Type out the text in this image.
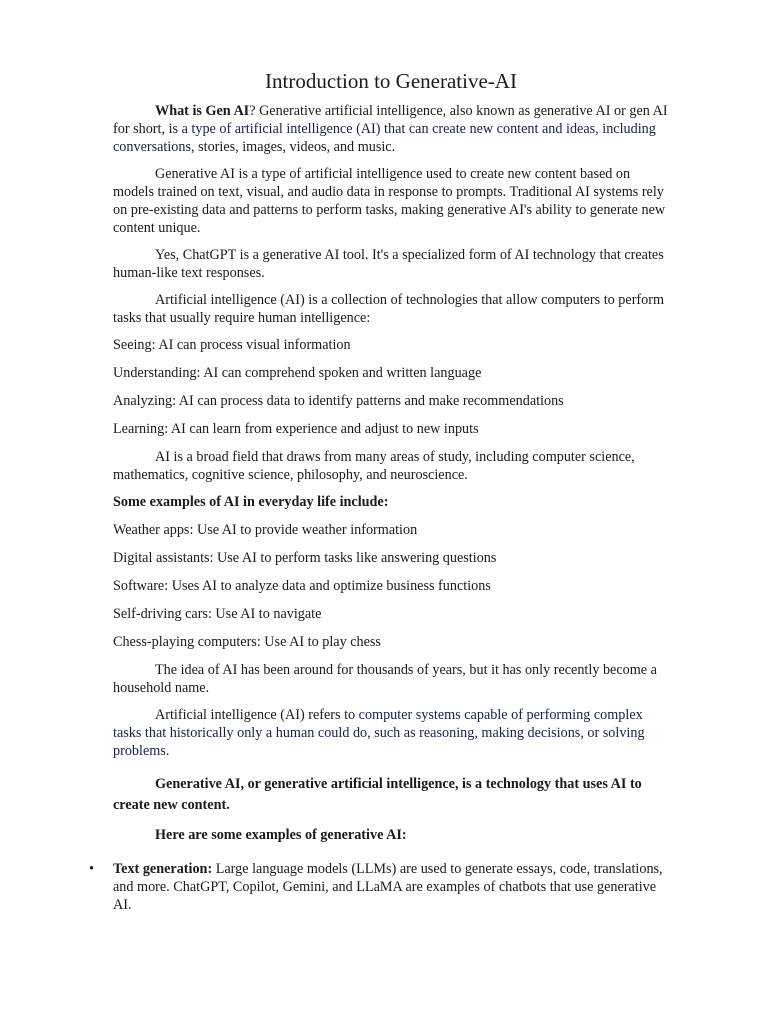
Introduction to Generative-AI

What is Gen AI? Generative artificial intelligence, also known as generative AI or gen AI for short, is a type of artificial intelligence (AI) that can create new content and ideas, including conversations, stories, images, videos, and music.

Generative AI is a type of artificial intelligence used to create new content based on models trained on text, visual, and audio data in response to prompts. Traditional AI systems rely on pre-existing data and patterns to perform tasks, making generative AI's ability to generate new content unique.

Yes, ChatGPT is a generative AI tool. It's a specialized form of AI technology that creates human-like text responses.

Artificial intelligence (AI) is a collection of technologies that allow computers to perform tasks that usually require human intelligence:

Seeing: AI can process visual information

Understanding: AI can comprehend spoken and written language

Analyzing: AI can process data to identify patterns and make recommendations

Learning: AI can learn from experience and adjust to new inputs

AI is a broad field that draws from many areas of study, including computer science, mathematics, cognitive science, philosophy, and neuroscience.

Some examples of AI in everyday life include:

Weather apps: Use AI to provide weather information

Digital assistants: Use AI to perform tasks like answering questions

Software: Uses AI to analyze data and optimize business functions

Self-driving cars: Use AI to navigate

Chess-playing computers: Use AI to play chess

The idea of AI has been around for thousands of years, but it has only recently become a household name.

Artificial intelligence (AI) refers to computer systems capable of performing complex tasks that historically only a human could do, such as reasoning, making decisions, or solving problems.

Generative AI, or generative artificial intelligence, is a technology that uses AI to create new content.

Here are some examples of generative AI:

• Text generation: Large language models (LLMs) are used to generate essays, code, translations, and more. ChatGPT, Copilot, Gemini, and LLaMA are examples of chatbots that use generative AI.
